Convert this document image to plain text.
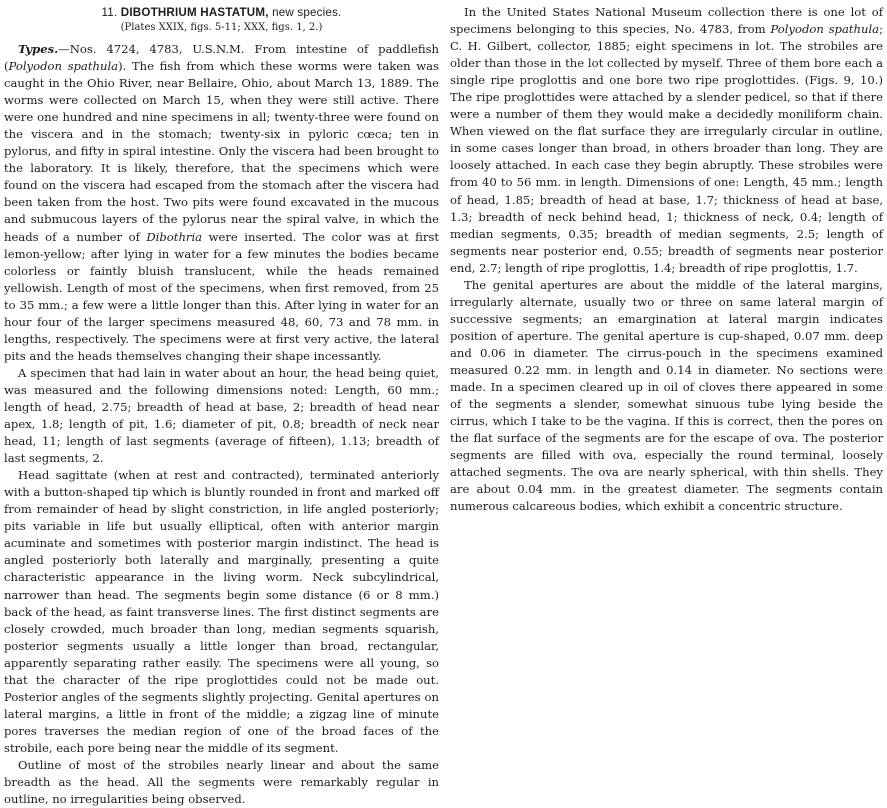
11. DIBOTHRIUM HASTATUM, new species.

(Plates XXIX, figs. 5-11; XXX, figs. 1, 2.)

Types.—Nos. 4724, 4783, U.S.N.M. From intestine of paddlefish (Polyodon spathula). The fish from which these worms were taken was caught in the Ohio River, near Bellaire, Ohio, about March 13, 1889. The worms were collected on March 15, when they were still active. There were one hundred and nine specimens in all; twenty-three were found on the viscera and in the stomach; twenty-six in pyloric cœca; ten in pylorus, and fifty in spiral intestine. Only the viscera had been brought to the laboratory. It is likely, therefore, that the specimens which were found on the viscera had escaped from the stomach after the viscera had been taken from the host. Two pits were found excavated in the mucous and submucous layers of the pylorus near the spiral valve, in which the heads of a number of Dibothria were inserted. The color was at first lemon-yellow; after lying in water for a few minutes the bodies became colorless or faintly bluish translucent, while the heads remained yellowish. Length of most of the specimens, when first removed, from 25 to 35 mm.; a few were a little longer than this. After lying in water for an hour four of the larger specimens measured 48, 60, 73 and 78 mm. in lengths, respectively. The specimens were at first very active, the lateral pits and the heads themselves changing their shape incessantly.

A specimen that had lain in water about an hour, the head being quiet, was measured and the following dimensions noted: Length, 60 mm.; length of head, 2.75; breadth of head at base, 2; breadth of head near apex, 1.8; length of pit, 1.6; diameter of pit, 0.8; breadth of neck near head, 11; length of last segments (average of fifteen), 1.13; breadth of last segments, 2.

Head sagittate (when at rest and contracted), terminated anteriorly with a button-shaped tip which is bluntly rounded in front and marked off from remainder of head by slight constriction, in life angled posteriorly; pits variable in life but usually elliptical, often with anterior margin acuminate and sometimes with posterior margin indistinct. The head is angled posteriorly both laterally and marginally, presenting a quite characteristic appearance in the living worm. Neck subcylindrical, narrower than head. The segments begin some distance (6 or 8 mm.) back of the head, as faint transverse lines. The first distinct segments are closely crowded, much broader than long, median segments squarish, posterior segments usually a little longer than broad, rectangular, apparently separating rather easily. The specimens were all young, so that the character of the ripe proglottides could not be made out. Posterior angles of the segments slightly projecting. Genital apertures on lateral margins, a little in front of the middle; a zigzag line of minute pores traverses the median region of one of the broad faces of the strobile, each pore being near the middle of its segment.

Outline of most of the strobiles nearly linear and about the same breadth as the head. All the segments were remarkably regular in outline, no irregularities being observed.

In the United States National Museum collection there is one lot of specimens belonging to this species, No. 4783, from Polyodon spathula; C. H. Gilbert, collector, 1885; eight specimens in lot. The strobiles are older than those in the lot collected by myself. Three of them bore each a single ripe proglottis and one bore two ripe proglottides. (Figs. 9, 10.) The ripe proglottides were attached by a slender pedicel, so that if there were a number of them they would make a decidedly moniliform chain. When viewed on the flat surface they are irregularly circular in outline, in some cases longer than broad, in others broader than long. They are loosely attached. In each case they begin abruptly. These strobiles were from 40 to 56 mm. in length. Dimensions of one: Length, 45 mm.; length of head, 1.85; breadth of head at base, 1.7; thickness of head at base, 1.3; breadth of neck behind head, 1; thickness of neck, 0.4; length of median segments, 0.35; breadth of median segments, 2.5; length of segments near posterior end, 0.55; breadth of segments near posterior end, 2.7; length of ripe proglottis, 1.4; breadth of ripe proglottis, 1.7.

The genital apertures are about the middle of the lateral margins, irregularly alternate, usually two or three on same lateral margin of successive segments; an emargination at lateral margin indicates position of aperture. The genital aperture is cup-shaped, 0.07 mm. deep and 0.06 in diameter. The cirrus-pouch in the specimens examined measured 0.22 mm. in length and 0.14 in diameter. No sections were made. In a specimen cleared up in oil of cloves there appeared in some of the segments a slender, somewhat sinuous tube lying beside the cirrus, which I take to be the vagina. If this is correct, then the pores on the flat surface of the segments are for the escape of ova. The posterior segments are filled with ova, especially the round terminal, loosely attached segments. The ova are nearly spherical, with thin shells. They are about 0.04 mm. in the greatest diameter. The segments contain numerous calcareous bodies, which exhibit a concentric structure.
